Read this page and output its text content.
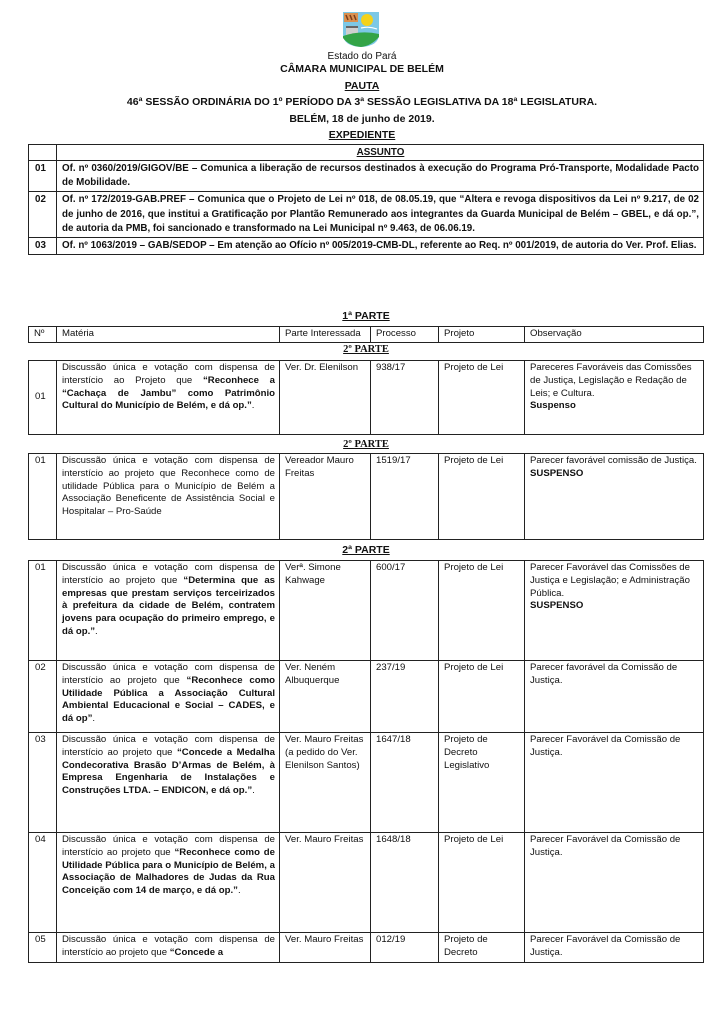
Estado do Pará
CÂMARA MUNICIPAL DE BELÉM
PAUTA
46ª SESSÃO ORDINÁRIA DO 1º PERÍODO DA 3ª SESSÃO LEGISLATIVA DA 18ª LEGISLATURA.
BELÉM, 18 de junho de 2019.
EXPEDIENTE
	ASSUNTO
01	Of. nº 0360/2019/GIGOV/BE – Comunica a liberação de recursos destinados à execução do Programa Pró-Transporte, Modalidade Pacto de Mobilidade.
02	Of. nº 172/2019-GAB.PREF – Comunica que o Projeto de Lei nº 018, de 08.05.19, que “Altera e revoga dispositivos da Lei nº 9.217, de 02 de junho de 2016, que institui a Gratificação por Plantão Remunerado aos integrantes da Guarda Municipal de Belém – GBEL, e dá op.”, de autoria da PMB, foi sancionado e transformado na Lei Municipal nº 9.463, de 06.06.19.
03	Of. nº 1063/2019 – GAB/SEDOP – Em atenção ao Ofício nº 005/2019-CMB-DL, referente ao Req. nº 001/2019, de autoria do Ver. Prof. Elias.
1ª PARTE
Nº	Matéria	Parte Interessada	Processo	Projeto	Observação
2º PARTE
01	Discussão única e votação com dispensa de interstício ao Projeto que “Reconhece a “Cachaça de Jambu” como Patrimônio Cultural do Município de Belém, e dá op.”.	Ver. Dr. Elenilson	938/17	Projeto de Lei	Pareceres Favoráveis das Comissões de Justiça, Legislação e Redação de Leis; e Cultura.
Suspenso
2º PARTE
01	Discussão única e votação com dispensa de interstício ao projeto que Reconhece como de utilidade Pública para o Município de Belém a Associação Beneficente de Assistência Social e Hospitalar – Pro-Saúde	Vereador Mauro Freitas	1519/17	Projeto de Lei	Parecer favorável comissão de Justiça.
SUSPENSO
2ª PARTE
01	Discussão única e votação com dispensa de interstício ao projeto que “Determina que as empresas que prestam serviços terceirizados à prefeitura da cidade de Belém, contratem jovens para ocupação do primeiro emprego, e dá op.”.	Verª. Simone Kahwage	600/17	Projeto de Lei	Parecer Favorável das Comissões de Justiça e Legislação; e Administração Pública.
SUSPENSO
02	Discussão única e votação com dispensa de interstício ao projeto que “Reconhece como Utilidade Pública a Associação Cultural Ambiental Educacional e Social – CADES, e dá op”.	Ver. Neném Albuquerque	237/19	Projeto de Lei	Parecer favorável da Comissão de Justiça.
03	Discussão única e votação com dispensa de interstício ao projeto que “Concede a Medalha Condecorativa Brasão D’Armas de Belém, à Empresa Engenharia de Instalações e Construções LTDA. – ENDICON, e dá op.”.	Ver. Mauro Freitas (a pedido do Ver. Elenilson Santos)	1647/18	Projeto de Decreto Legislativo	Parecer Favorável da Comissão de Justiça.
04	Discussão única e votação com dispensa de interstício ao projeto que “Reconhece como de Utilidade Pública para o Município de Belém, a Associação de Malhadores de Judas da Rua Conceição com 14 de março, e dá op.”.	Ver. Mauro Freitas	1648/18	Projeto de Lei	Parecer Favorável da Comissão de Justiça.
05	Discussão única e votação com dispensa de interstício ao projeto que “Concede a	Ver. Mauro Freitas	012/19	Projeto de Decreto	Parecer Favorável da Comissão de Justiça.
